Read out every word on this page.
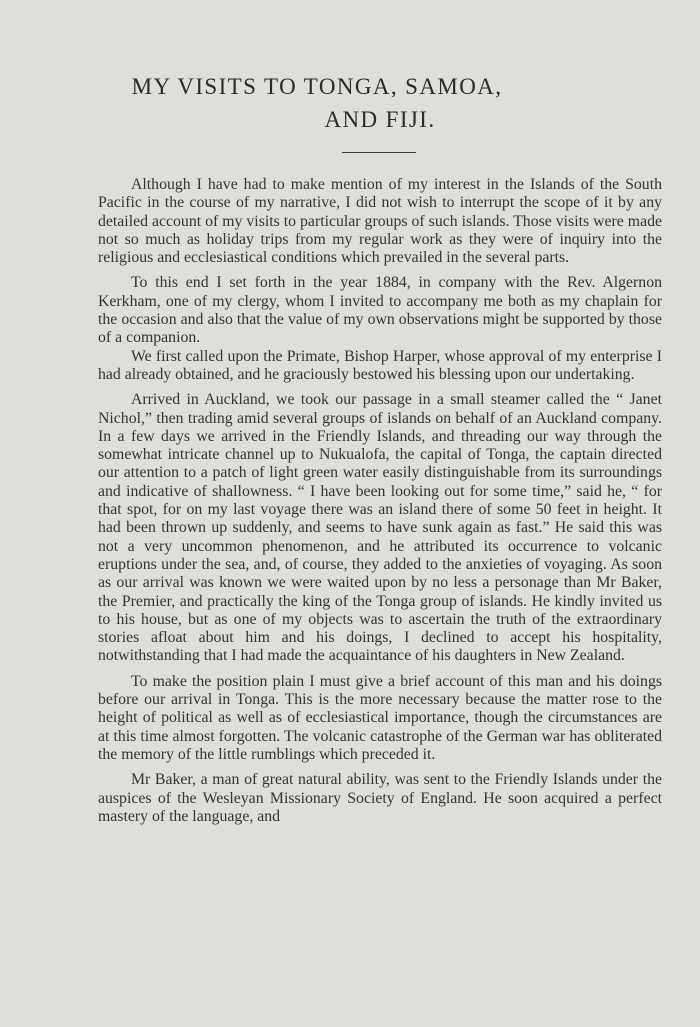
MY VISITS TO TONGA, SAMOA,
AND FIJI.

Although I have had to make mention of my interest in the Islands of the South Pacific in the course of my narrative, I did not wish to interrupt the scope of it by any detailed account of my visits to particular groups of such islands. Those visits were made not so much as holiday trips from my regular work as they were of inquiry into the religious and ecclesiastical conditions which prevailed in the several parts.

To this end I set forth in the year 1884, in company with the Rev. Algernon Kerkham, one of my clergy, whom I invited to accompany me both as my chaplain for the occasion and also that the value of my own observations might be supported by those of a companion.

We first called upon the Primate, Bishop Harper, whose approval of my enterprise I had already obtained, and he graciously bestowed his blessing upon our undertaking.

Arrived in Auckland, we took our passage in a small steamer called the “ Janet Nichol,” then trading amid several groups of islands on behalf of an Auckland company. In a few days we arrived in the Friendly Islands, and threading our way through the somewhat intricate channel up to Nukualofa, the capital of Tonga, the captain directed our attention to a patch of light green water easily distinguishable from its surroundings and indicative of shallowness. “ I have been looking out for some time,” said he, “ for that spot, for on my last voyage there was an island there of some 50 feet in height. It had been thrown up suddenly, and seems to have sunk again as fast.” He said this was not a very uncommon phenomenon, and he attributed its occurrence to volcanic eruptions under the sea, and, of course, they added to the anxieties of voyaging. As soon as our arrival was known we were waited upon by no less a personage than Mr Baker, the Premier, and practically the king of the Tonga group of islands. He kindly invited us to his house, but as one of my objects was to ascertain the truth of the extraordinary stories afloat about him and his doings, I declined to accept his hospitality, notwithstanding that I had made the acquaintance of his daughters in New Zealand.

To make the position plain I must give a brief account of this man and his doings before our arrival in Tonga. This is the more necessary because the matter rose to the height of political as well as of ecclesiastical importance, though the circumstances are at this time almost forgotten. The volcanic catastrophe of the German war has obliterated the memory of the little rumblings which preceded it.

Mr Baker, a man of great natural ability, was sent to the Friendly Islands under the auspices of the Wesleyan Missionary Society of England. He soon acquired a perfect mastery of the language, and
